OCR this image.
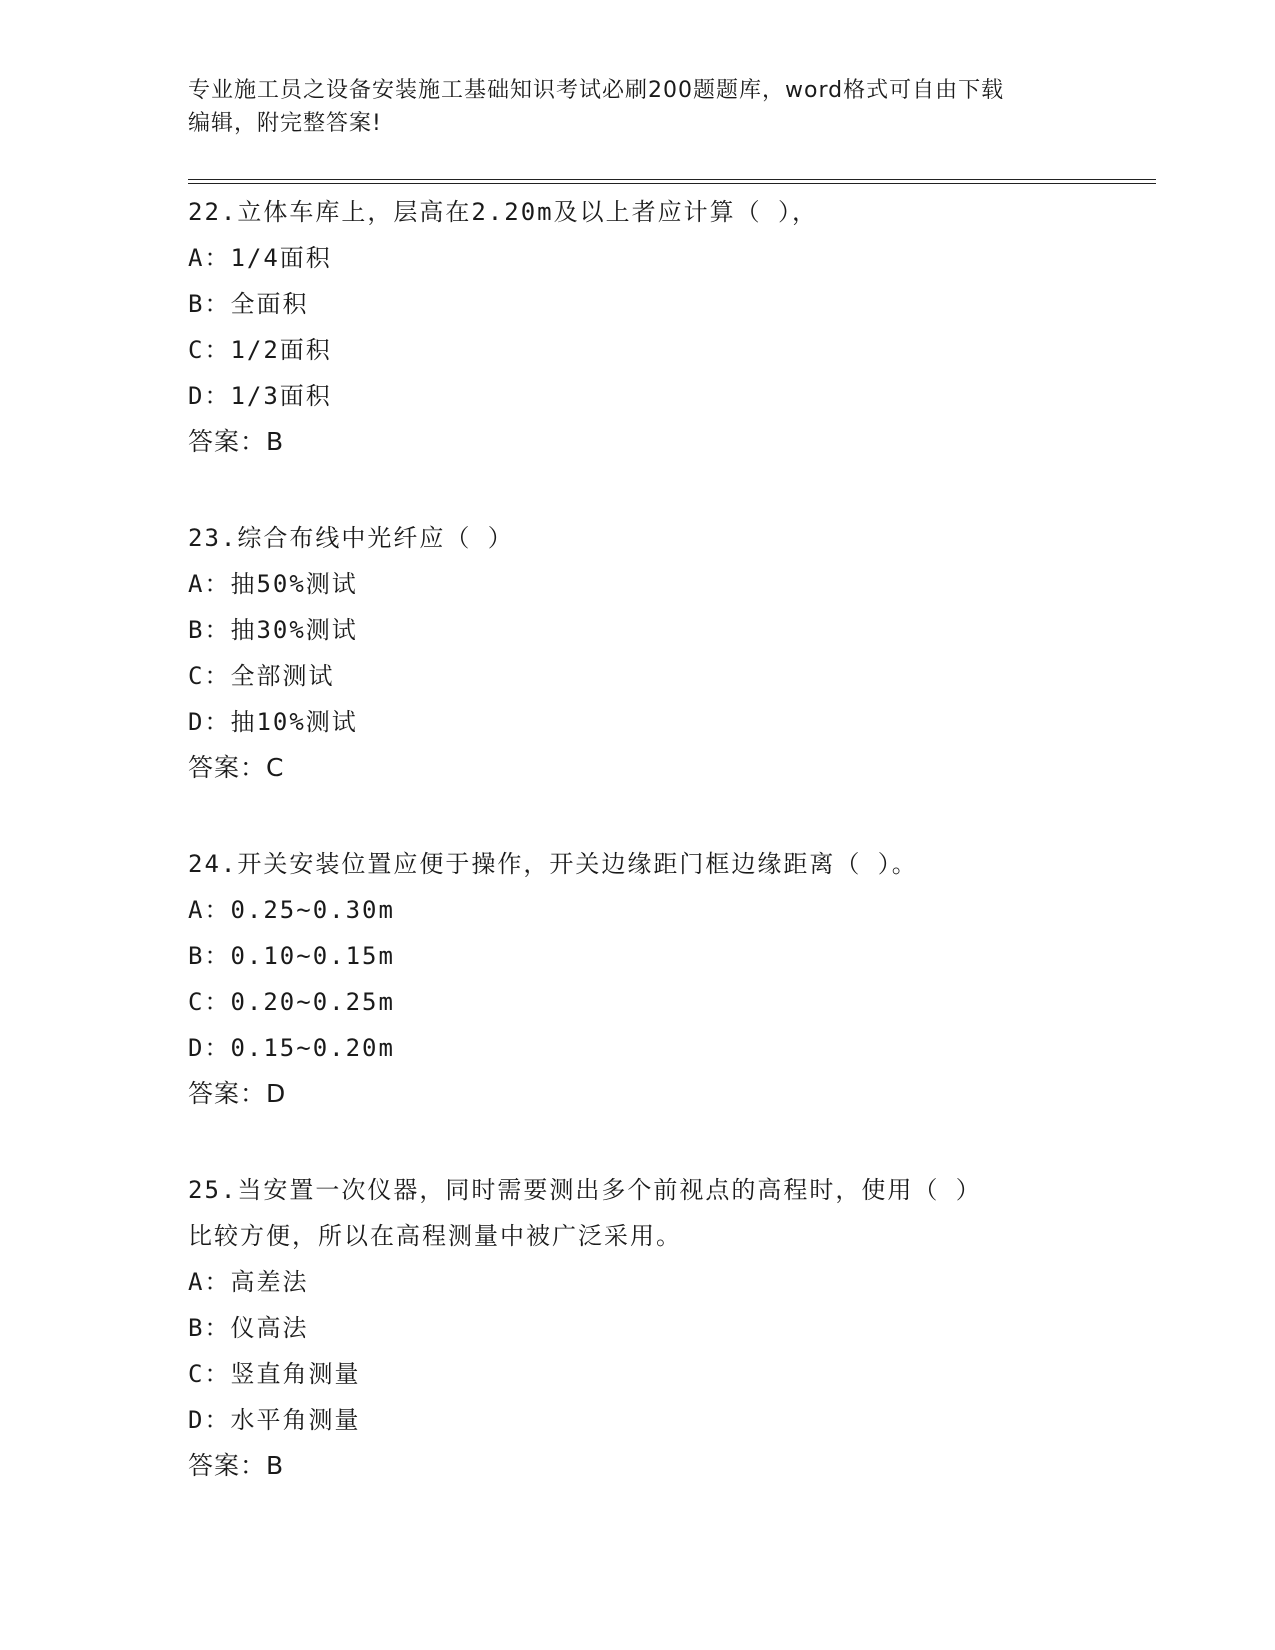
专业施工员之设备安装施工基础知识考试必刷200题题库，word格式可自由下载
编辑，附完整答案!
22.立体车库上，层高在2.20m及以上者应计算（ ），
A：1/4面积
B：全面积
C：1/2面积
D：1/3面积
答案：B
23.综合布线中光纤应（ ）
A：抽50%测试
B：抽30%测试
C：全部测试
D：抽10%测试
答案：C
24.开关安装位置应便于操作，开关边缘距门框边缘距离（ ）。
A：0.25~0.30m
B：0.10~0.15m
C：0.20~0.25m
D：0.15~0.20m
答案：D
25.当安置一次仪器，同时需要测出多个前视点的高程时，使用（ ）
比较方便，所以在高程测量中被广泛采用。
A：高差法
B：仪高法
C：竖直角测量
D：水平角测量
答案：B
